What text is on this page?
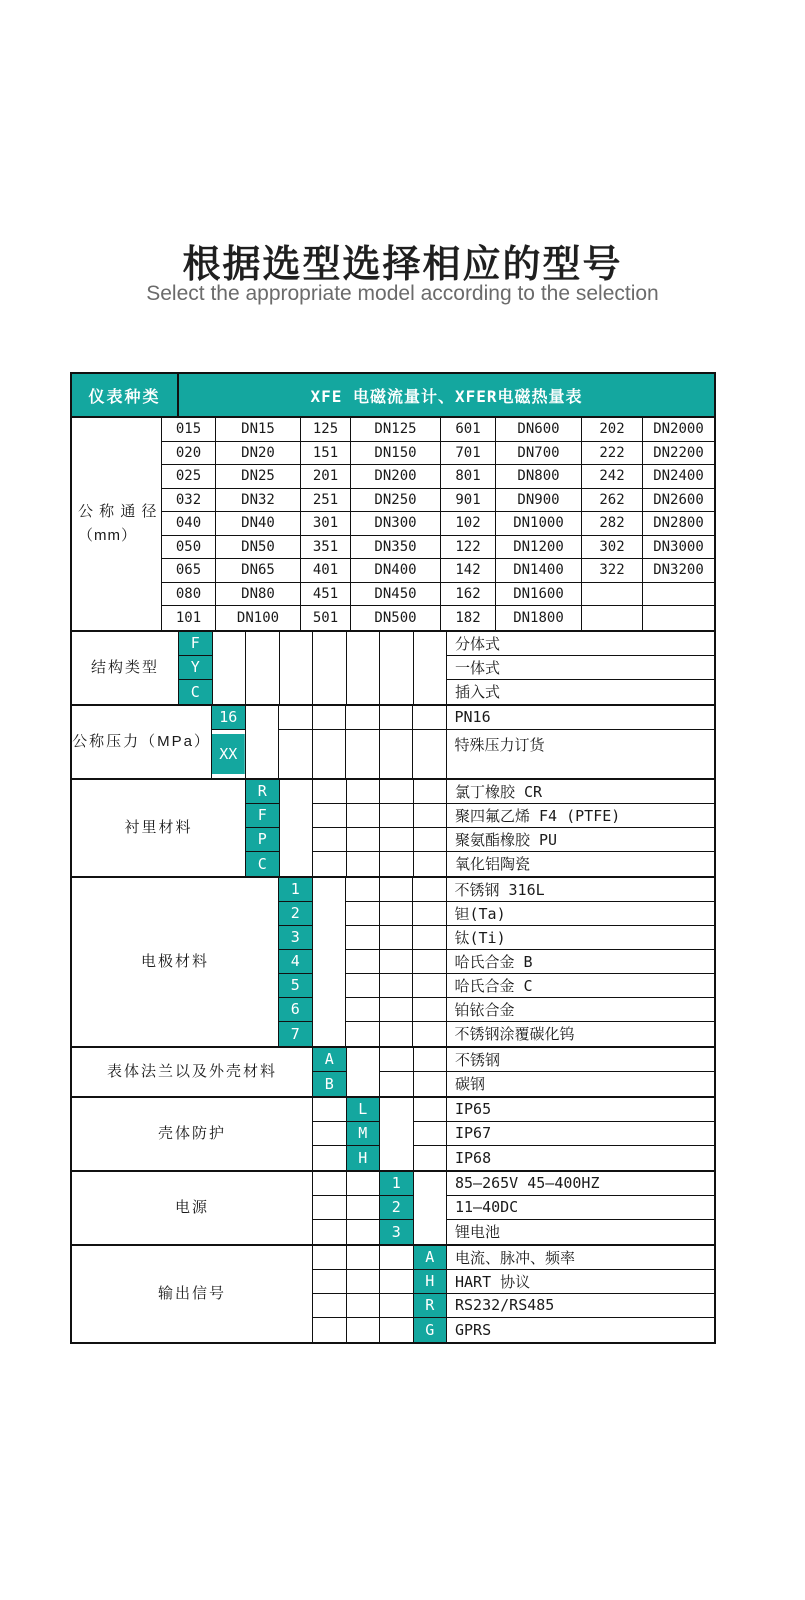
根据选型选择相应的型号
Select the appropriate model according to the selection
仪表种类	XFE 电磁流量计、XFER电磁热量表
公 称 通 径
（mm）
015	DN15	125	DN125	601	DN600	202	DN2000
020	DN20	151	DN150	701	DN700	222	DN2200
025	DN25	201	DN200	801	DN800	242	DN2400
032	DN32	251	DN250	901	DN900	262	DN2600
040	DN40	301	DN300	102	DN1000	282	DN2800
050	DN50	351	DN350	122	DN1200	302	DN3000
065	DN65	401	DN400	142	DN1400	322	DN3200
080	DN80	451	DN450	162	DN1600
101	DN100	501	DN500	182	DN1800
结构类型
F	分体式
Y	一体式
C	插入式
公称压力（MPa）
16	PN16
XX	特殊压力订货
衬里材料
R	氯丁橡胶 CR
F	聚四氟乙烯 F4 (PTFE)
P	聚氨酯橡胶 PU
C	氧化铝陶瓷
电极材料
1	不锈钢 316L
2	钽(Ta)
3	钛(Ti)
4	哈氏合金 B
5	哈氏合金 C
6	铂铱合金
7	不锈钢涂覆碳化钨
表体法兰以及外壳材料
A	不锈钢
B	碳钢
壳体防护
L	IP65
M	IP67
H	IP68
电源
1	85—265V 45—400HZ
2	11—40DC
3	锂电池
输出信号
A	电流、脉冲、频率
H	HART 协议
R	RS232/RS485
G	GPRS
